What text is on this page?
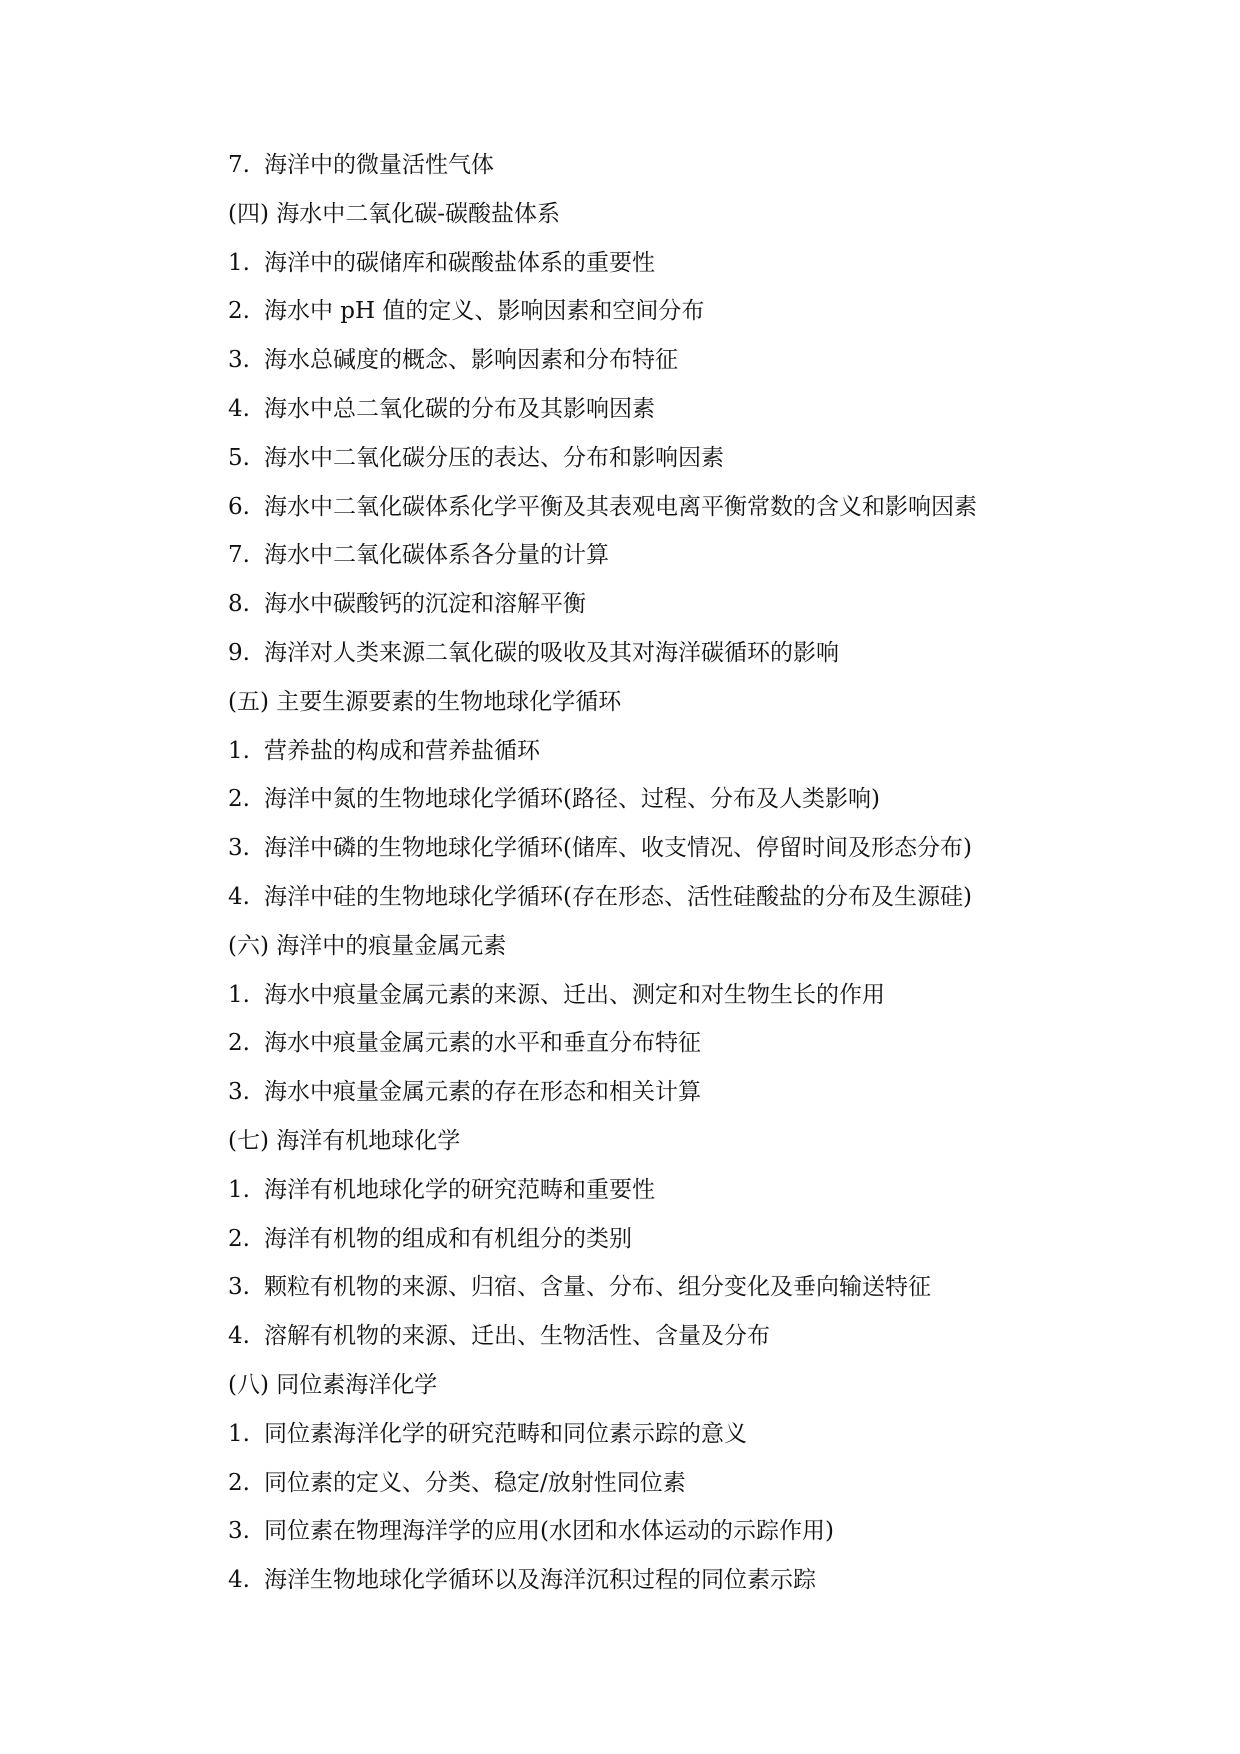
7. 海洋中的微量活性气体
(四) 海水中二氧化碳-碳酸盐体系
1. 海洋中的碳储库和碳酸盐体系的重要性
2. 海水中 pH 值的定义、影响因素和空间分布
3. 海水总碱度的概念、影响因素和分布特征
4. 海水中总二氧化碳的分布及其影响因素
5. 海水中二氧化碳分压的表达、分布和影响因素
6. 海水中二氧化碳体系化学平衡及其表观电离平衡常数的含义和影响因素
7. 海水中二氧化碳体系各分量的计算
8. 海水中碳酸钙的沉淀和溶解平衡
9. 海洋对人类来源二氧化碳的吸收及其对海洋碳循环的影响
(五) 主要生源要素的生物地球化学循环
1. 营养盐的构成和营养盐循环
2. 海洋中氮的生物地球化学循环(路径、过程、分布及人类影响)
3. 海洋中磷的生物地球化学循环(储库、收支情况、停留时间及形态分布)
4. 海洋中硅的生物地球化学循环(存在形态、活性硅酸盐的分布及生源硅)
(六) 海洋中的痕量金属元素
1. 海水中痕量金属元素的来源、迁出、测定和对生物生长的作用
2. 海水中痕量金属元素的水平和垂直分布特征
3. 海水中痕量金属元素的存在形态和相关计算
(七) 海洋有机地球化学
1. 海洋有机地球化学的研究范畴和重要性
2. 海洋有机物的组成和有机组分的类别
3. 颗粒有机物的来源、归宿、含量、分布、组分变化及垂向输送特征
4. 溶解有机物的来源、迁出、生物活性、含量及分布
(八) 同位素海洋化学
1. 同位素海洋化学的研究范畴和同位素示踪的意义
2. 同位素的定义、分类、稳定/放射性同位素
3. 同位素在物理海洋学的应用(水团和水体运动的示踪作用)
4. 海洋生物地球化学循环以及海洋沉积过程的同位素示踪
